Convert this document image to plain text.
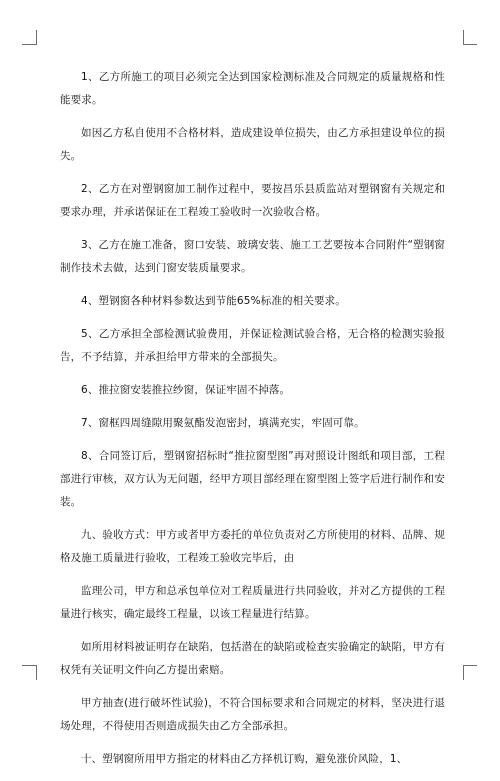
1、乙方所施工的项目必须完全达到国家检测标准及合同规定的质量规格和性能要求。

如因乙方私自使用不合格材料，造成建设单位损失，由乙方承担建设单位的损失。

2、乙方在对塑钢窗加工制作过程中，要按昌乐县质监站对塑钢窗有关规定和要求办理，并承诺保证在工程竣工验收时一次验收合格。

3、乙方在施工准备，窗口安装、玻璃安装、施工工艺要按本合同附件“塑钢窗制作技术去做，达到门窗安装质量要求。

4、塑钢窗各种材料参数达到节能65%标准的相关要求。

5、乙方承担全部检测试验费用，并保证检测试验合格，无合格的检测实验报告，不予结算，并承担给甲方带来的全部损失。

6、推拉窗安装推拉纱窗，保证牢固不掉落。

7、窗框四周缝隙用聚氨酯发泡密封，填满充实，牢固可靠。

8、合同签订后，塑钢窗招标时“推拉窗型图”再对照设计图纸和项目部，工程部进行审核，双方认为无问题，经甲方项目部经理在窗型图上签字后进行制作和安装。

九、验收方式：甲方或者甲方委托的单位负责对乙方所使用的材料、品牌、规格及施工质量进行验收，工程竣工验收完毕后，由

监理公司，甲方和总承包单位对工程质量进行共同验收，并对乙方提供的工程量进行核实，确定最终工程量，以该工程量进行结算。

如所用材料被证明存在缺陷，包括潜在的缺陷或检查实验确定的缺陷，甲方有权凭有关证明文件向乙方提出索赔。

甲方抽查(进行破坏性试验)，不符合国标要求和合同规定的材料，坚决进行退场处理，不得使用否则造成损失由乙方全部承担。

十、塑钢窗所用甲方指定的材料由乙方择机订购，避免涨价风险，1、
